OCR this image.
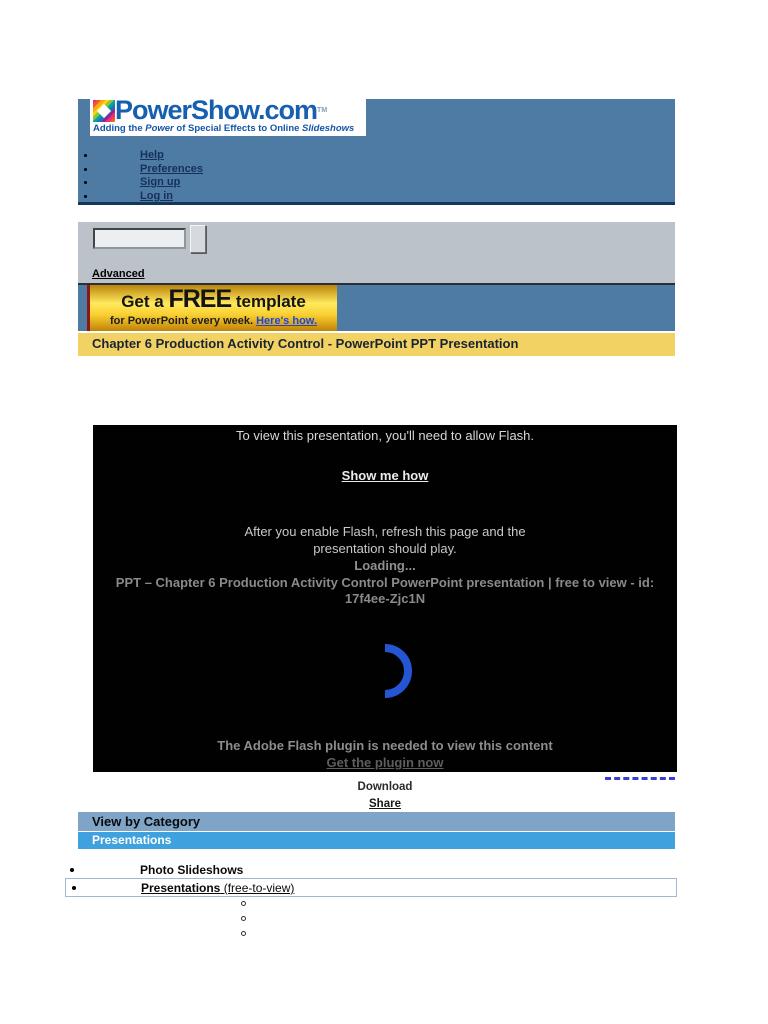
PowerShow.com™
Adding the Power of Special Effects to Online Slideshows
Help
Preferences
Sign up
Log in
Advanced
Get a FREE template
for PowerPoint every week. Here's how.
Chapter 6 Production Activity Control - PowerPoint PPT Presentation
To view this presentation, you'll need to allow Flash.
Show me how
After you enable Flash, refresh this page and the
presentation should play.
Loading...
PPT – Chapter 6 Production Activity Control PowerPoint presentation | free to view - id: 17f4ee-Zjc1N
The Adobe Flash plugin is needed to view this content
Get the plugin now
Download
Share
View by Category
Presentations
Photo Slideshows
Presentations (free-to-view)
